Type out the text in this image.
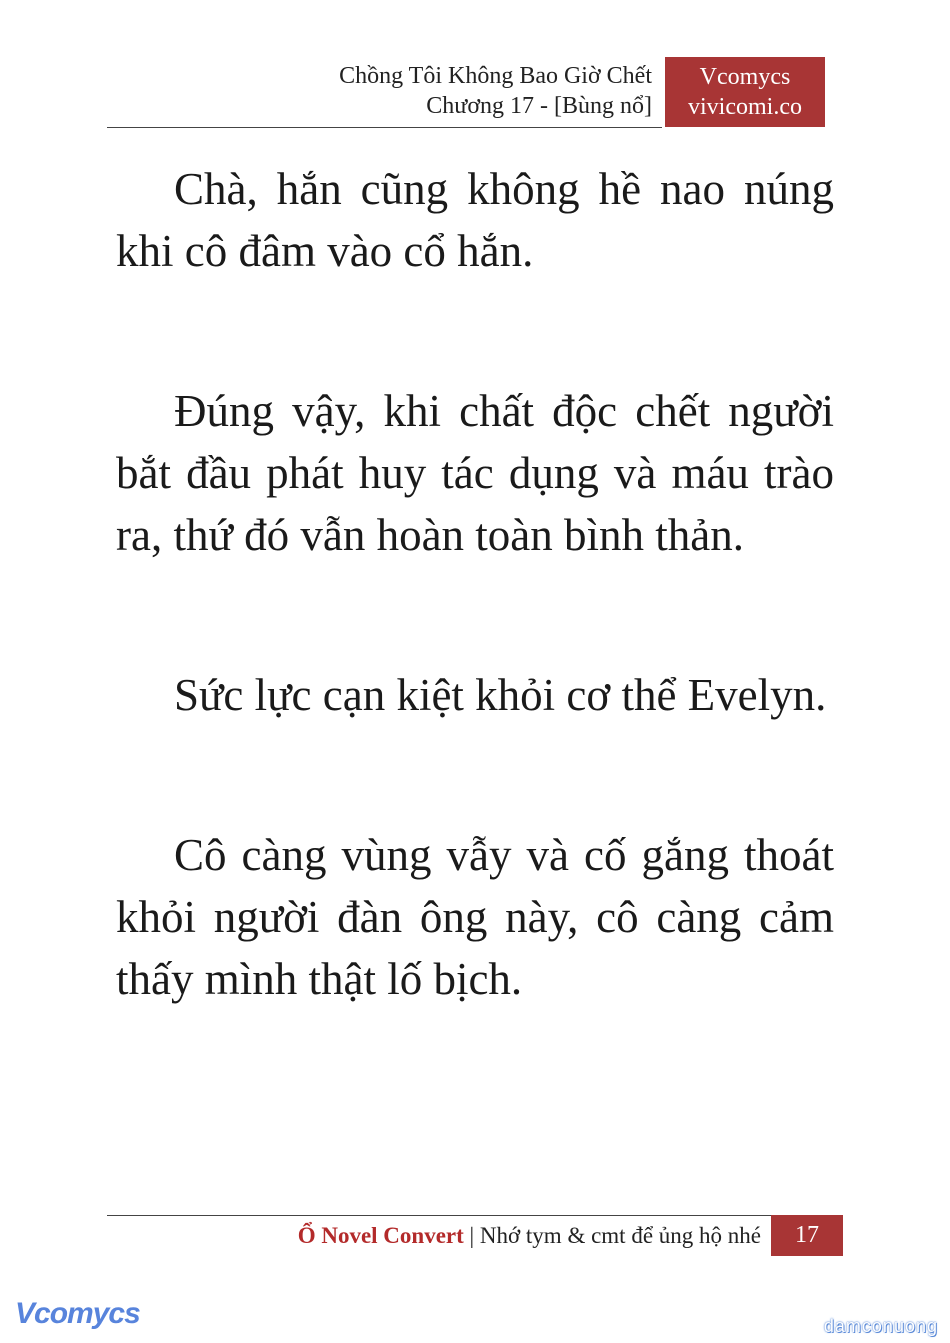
Chồng Tôi Không Bao Giờ Chết
Chương 17 - [Bùng nổ]
Vcomycs
vivicomi.co

Chà, hắn cũng không hề nao núng khi cô đâm vào cổ hắn.

Đúng vậy, khi chất độc chết người bắt đầu phát huy tác dụng và máu trào ra, thứ đó vẫn hoàn toàn bình thản.

Sức lực cạn kiệt khỏi cơ thể Evelyn.

Cô càng vùng vẫy và cố gắng thoát khỏi người đàn ông này, cô càng cảm thấy mình thật lố bịch.

Ổ Novel Convert | Nhớ tym & cmt để ủng hộ nhé	17
Vcomycs	damconuong
